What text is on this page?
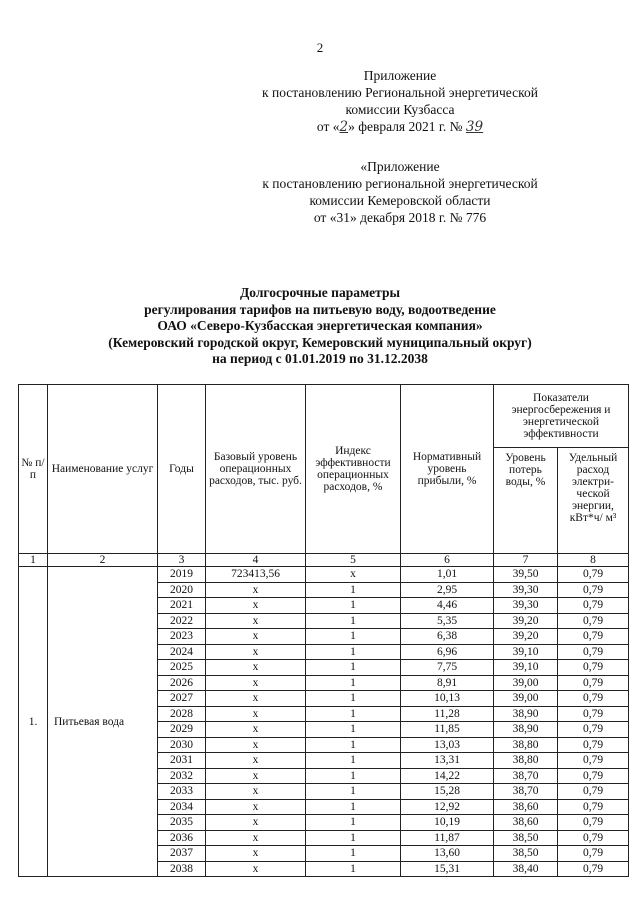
2
Приложение
к постановлению Региональной энергетической
комиссии Кузбасса
от «2» февраля 2021 г. № 39
«Приложение
к постановлению региональной энергетической
комиссии Кемеровской области
от «31» декабря 2018 г. № 776
Долгосрочные параметры
регулирования тарифов на питьевую воду, водоотведение
ОАО «Северо-Кузбасская энергетическая компания»
(Кемеровский городской округ, Кемеровский муниципальный округ)
на период с 01.01.2019 по 31.12.2038
№ п/п	Наименование услуг	Годы	Базовый уровень операционных расходов, тыс. руб.	Индекс эффективности операционных расходов, %	Нормативный уровень прибыли, %	Показатели энергосбережения и энергетической эффективности	
						Уровень потерь воды, %	Удельный расход электри-ческой энергии, кВт*ч/ м³
1	2	3	4	5	6	7	8
1.	Питьевая вода	2019	723413,56	х	1,01	39,50	0,79
		2020	х	1	2,95	39,30	0,79
		2021	х	1	4,46	39,30	0,79
		2022	х	1	5,35	39,20	0,79
		2023	х	1	6,38	39,20	0,79
		2024	х	1	6,96	39,10	0,79
		2025	х	1	7,75	39,10	0,79
		2026	х	1	8,91	39,00	0,79
		2027	х	1	10,13	39,00	0,79
		2028	х	1	11,28	38,90	0,79
		2029	х	1	11,85	38,90	0,79
		2030	х	1	13,03	38,80	0,79
		2031	х	1	13,31	38,80	0,79
		2032	х	1	14,22	38,70	0,79
		2033	х	1	15,28	38,70	0,79
		2034	х	1	12,92	38,60	0,79
		2035	х	1	10,19	38,60	0,79
		2036	х	1	11,87	38,50	0,79
		2037	х	1	13,60	38,50	0,79
		2038	х	1	15,31	38,40	0,79
